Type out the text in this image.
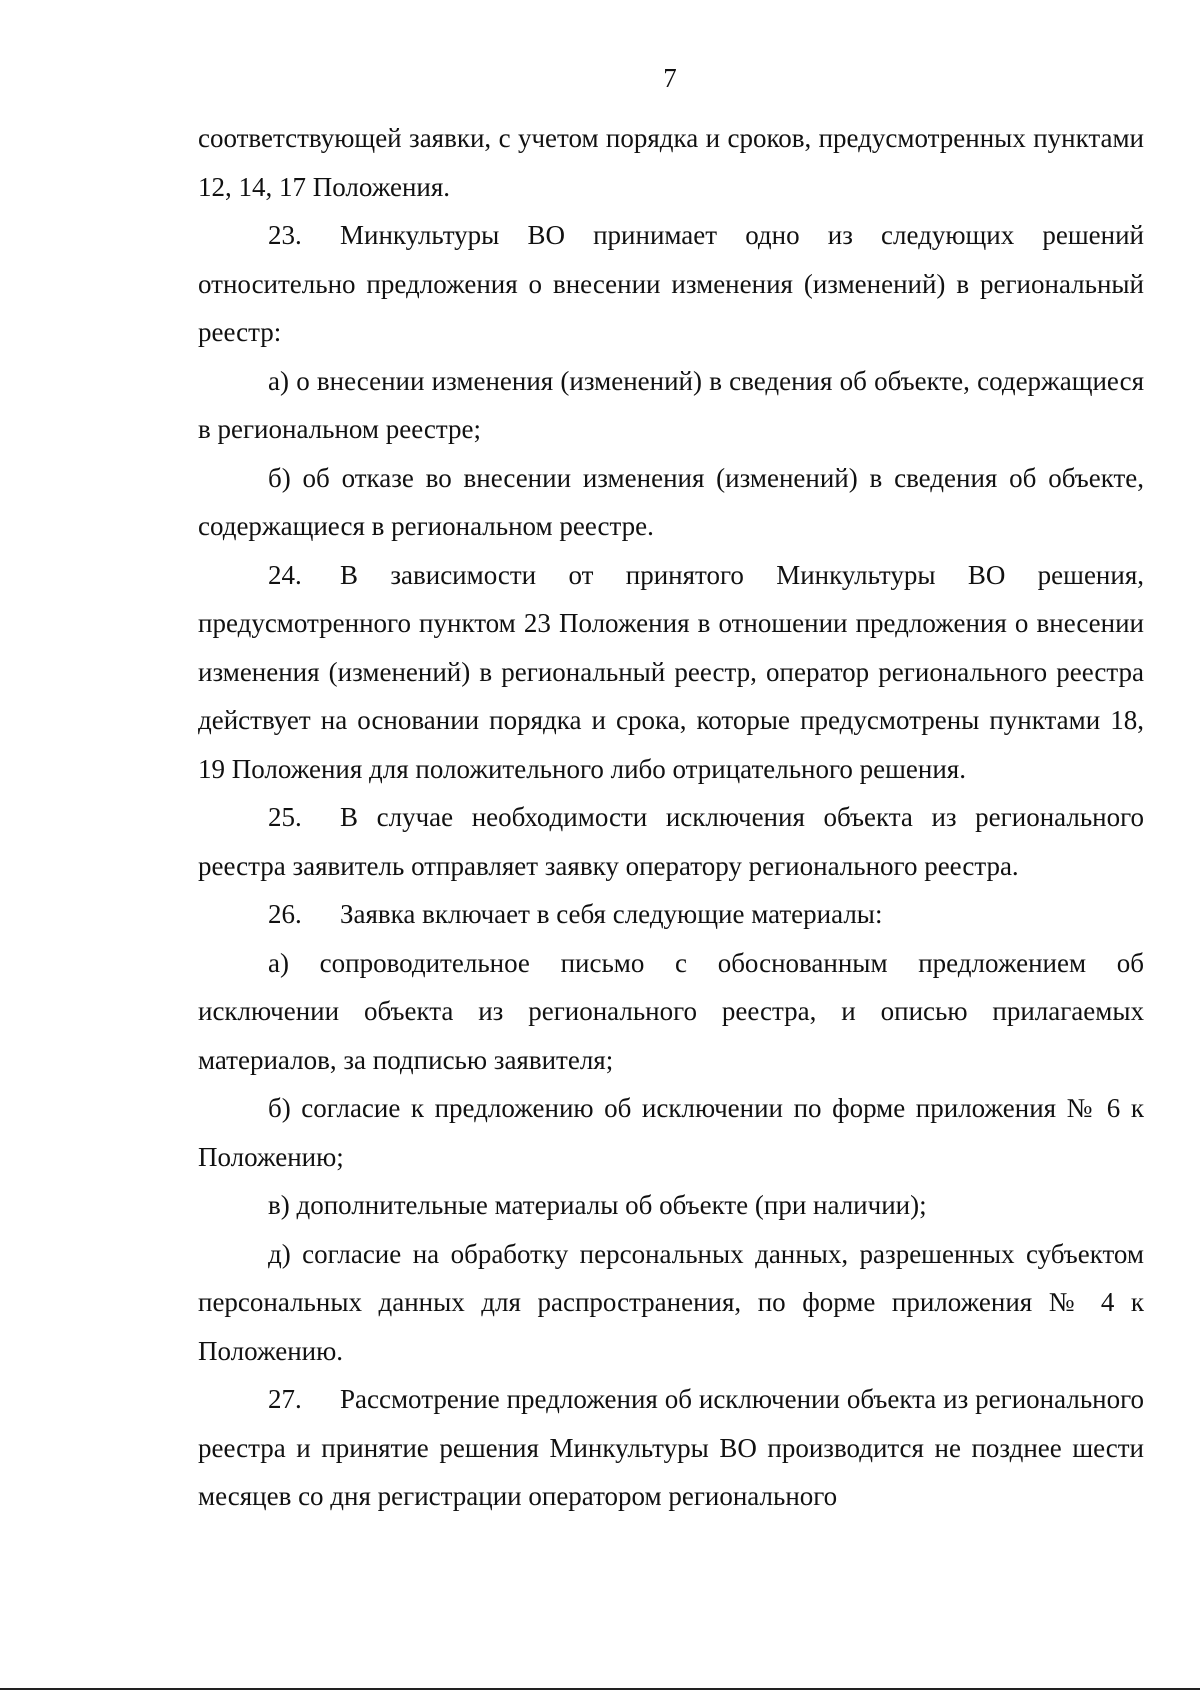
7

соответствующей заявки, с учетом порядка и сроков, предусмотренных пунктами 12, 14, 17 Положения.

23. Минкультуры ВО принимает одно из следующих решений относительно предложения о внесении изменения (изменений) в региональный реестр:

а) о внесении изменения (изменений) в сведения об объекте, содержащиеся в региональном реестре;

б) об отказе во внесении изменения (изменений) в сведения об объекте, содержащиеся в региональном реестре.

24. В зависимости от принятого Минкультуры ВО решения, предусмотренного пунктом 23 Положения в отношении предложения о внесении изменения (изменений) в региональный реестр, оператор регионального реестра действует на основании порядка и срока, которые предусмотрены пунктами 18, 19 Положения для положительного либо отрицательного решения.

25. В случае необходимости исключения объекта из регионального реестра заявитель отправляет заявку оператору регионального реестра.

26. Заявка включает в себя следующие материалы:

а) сопроводительное письмо с обоснованным предложением об исключении объекта из регионального реестра, и описью прилагаемых материалов, за подписью заявителя;

б) согласие к предложению об исключении по форме приложения № 6 к Положению;

в) дополнительные материалы об объекте (при наличии);

д) согласие на обработку персональных данных, разрешенных субъектом персональных данных для распространения, по форме приложения № 4 к Положению.

27. Рассмотрение предложения об исключении объекта из регионального реестра и принятие решения Минкультуры ВО производится не позднее шести месяцев со дня регистрации оператором регионального
